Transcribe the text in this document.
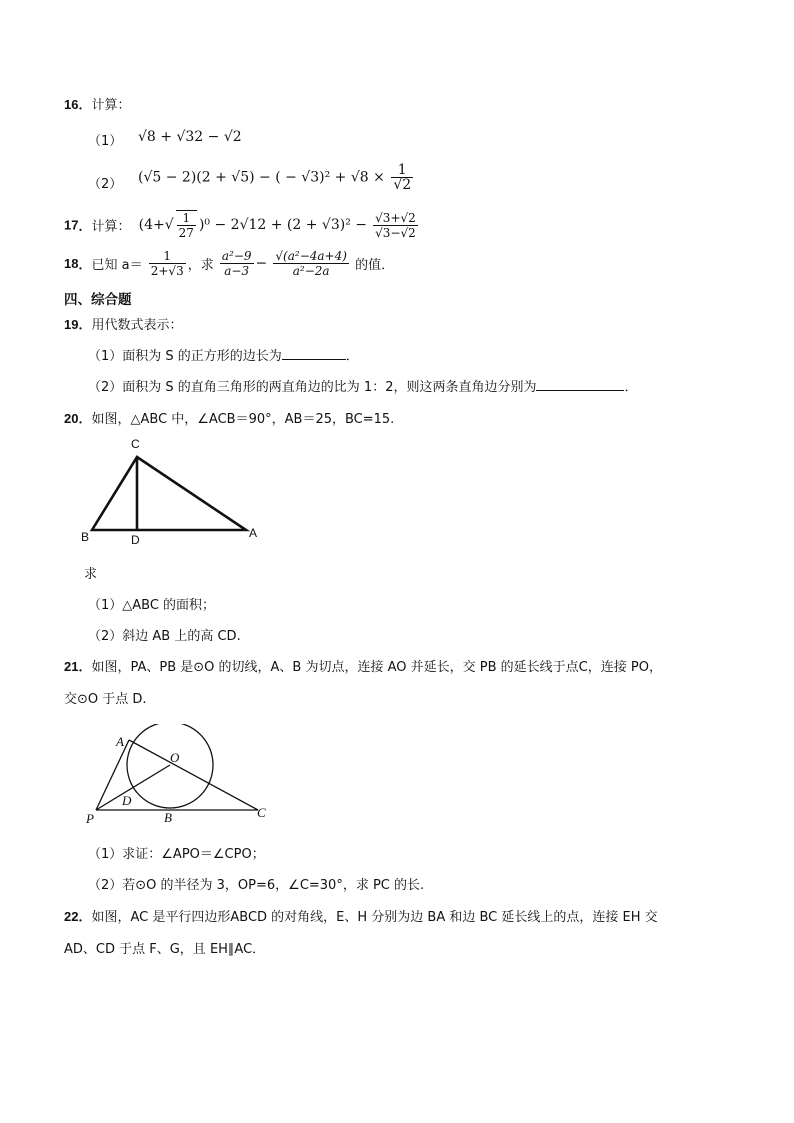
16．计算：
（1） √8 + √32 − √2
（2） (√5 − 2)(2 + √5) − ( − $√3)^2 + √8 \times \frac{1}{√2}$
17．计算： $(4+√ \frac{1}{27} )^0 - 2√12 + (2 + √3)^2 - \frac{√3+√2}{√3-√2}$
18．已知 $a= \frac{1}{2+√3}$ ，求 $\frac{\text{a²−9}}{a-3} - \frac{\text{√(a²−4a+4)}}{\text{a²−2a}}$ 的值．
四、综合题
19．用代数式表示：
（1）面积为 S 的正方形的边长为	．
（2）面积为 S 的直角三角形的两直角边的比为 1：2，则这两条直角边分别为	．
20．如图，△ABC 中，∠ACB＝90°，AB＝25，BC=15.
C
B	D	A
求
（1）△ABC 的面积；
（2）斜边 AB 上的高 CD.
21．如图，PA、PB 是⊙O 的切线，A、B 为切点，连接 AO 并延长，交 PB 的延长线于点C，连接 PO，
交⊙O 于点 D.
A
O
D
P	B	C
（1）求证：∠APO＝∠CPO；
（2）若⊙O 的半径为 3，OP=6，∠C=30°，求 PC 的长.
22．如图，AC 是平行四边形ABCD 的对角线，E、H 分别为边 BA 和边 BC 延长线上的点，连接 EH 交
AD、CD 于点 F、G，且 EH∥AC．
